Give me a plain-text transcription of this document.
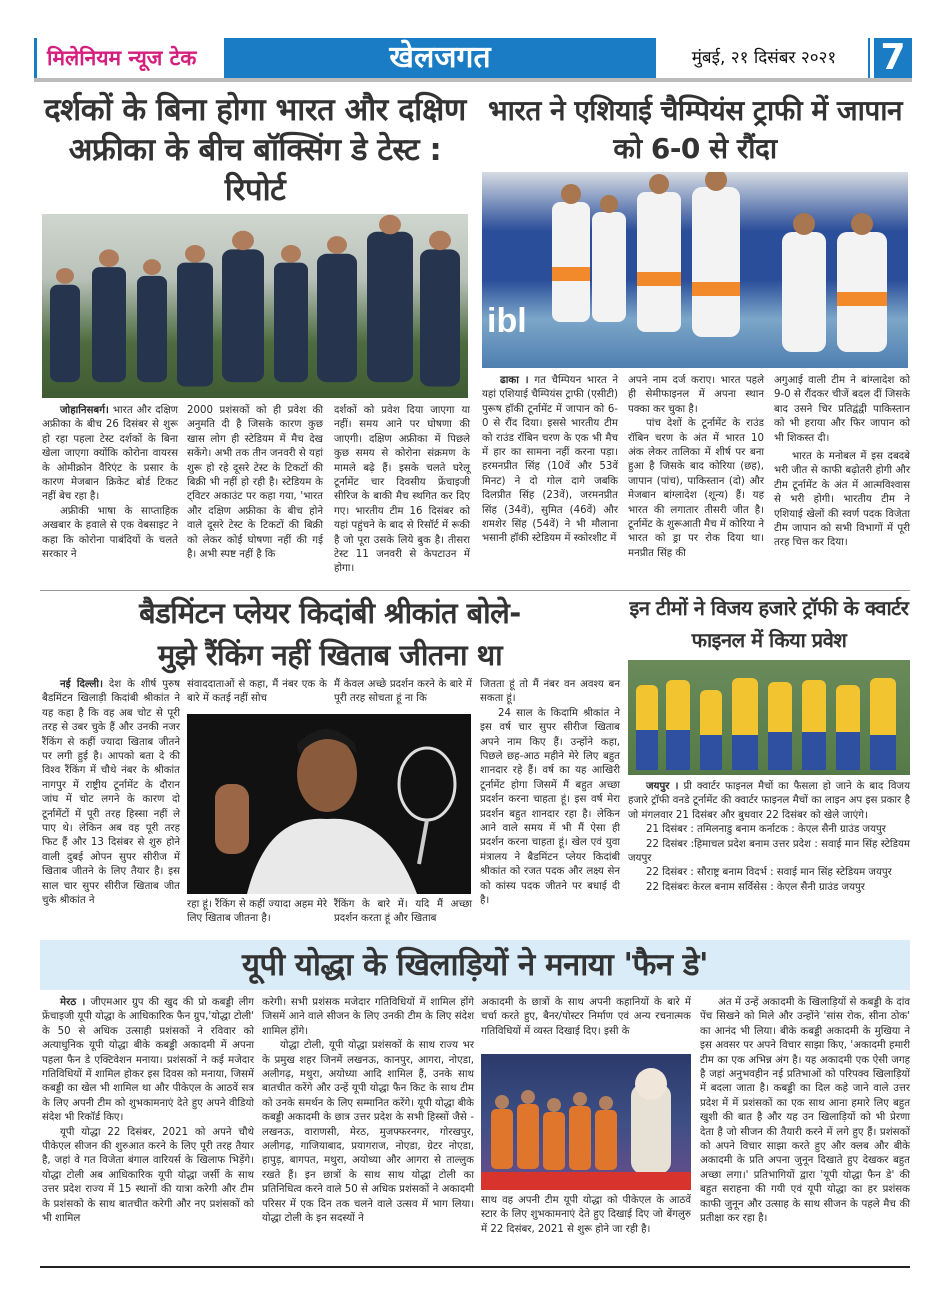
मिलेनियम न्यूज टेक	खेलजगत	मुंबई, २१ दिसंबर २०२१	7
दर्शकों के बिना होगा भारत और दक्षिण अफ्रीका के बीच बॉक्सिंग डे टेस्ट : रिपोर्ट

जोहानिसबर्ग। भारत और दक्षिण अफ्रीका के बीच 26 दिसंबर से शुरू हो रहा पहला टेस्ट दर्शकों के बिना खेला जाएगा क्योंकि कोरोना वायरस के ओमीक्रोन वैरिएंट के प्रसार के कारण मेजबान क्रिकेट बोर्ड टिकट नहीं बेच रहा है।

अफ्रीकी भाषा के साप्ताहिक अखबार के हवाले से एक वेबसाइट ने कहा कि कोरोना पाबंदियों के चलते सरकार ने

2000 प्रशंसकों को ही प्रवेश की अनुमति दी है जिसके कारण कुछ खास लोग ही स्टेडियम में मैच देख सकेंगे। अभी तक तीन जनवरी से यहां शुरू हो रहे दूसरे टेस्ट के टिकटों की बिक्री भी नहीं हो रही है। स्टेडियम के ट्विटर अकाउंट पर कहा गया, 'भारत और दक्षिण अफ्रीका के बीच होने वाले दूसरे टेस्ट के टिकटों की बिक्री को लेकर कोई घोषणा नहीं की गई है। अभी स्पष्ट नहीं है कि
दर्शकों को प्रवेश दिया जाएगा या नहीं। समय आने पर घोषणा की जाएगी। दक्षिण अफ्रीका में पिछले कुछ समय से कोरोना संक्रमण के मामले बढ़े हैं। इसके चलते घरेलू टूर्नामेंट चार दिवसीय फ्रेंचाइजी सीरिज के बाकी मैच स्थगित कर दिए गए। भारतीय टीम 16 दिसंबर को यहां पहुंचने के बाद से रिसॉर्ट में रूकी है जो पूरा उसके लिये बुक है। तीसरा टेस्ट 11 जनवरी से केपटाउन में होगा।
भारत ने एशियाई चैम्पियंस ट्राफी में जापान को 6-0 से रौंदा
ibl

ढाका । गत चैम्पियन भारत ने यहां एशियाई चैम्पियंस ट्राफी (एसीटी) पुरूष हॉकी टूर्नामेंट में जापान को 6-0 से रौंद दिया। इससे भारतीय टीम को राउंड रॉबिन चरण के एक भी मैच में हार का सामना नहीं करना पड़ा। हरमनप्रीत सिंह (10वें और 53वें मिनट) ने दो गोल दागे जबकि दिलप्रीत सिंह (23वें), जरमनप्रीत सिंह (34वें), सुमित (46वें) और शमशेर सिंह (54वें) ने भी मौलाना भसानी हॉकी स्टेडियम में स्कोरशीट में

अपने नाम दर्ज कराए। भारत पहले ही सेमीफाइनल में अपना स्थान पक्का कर चुका है।

पांच देशों के टूर्नामेंट के राउंड रॉबिन चरण के अंत में भारत 10 अंक लेकर तालिका में शीर्ष पर बना हुआ है जिसके बाद कोरिया (छह), जापान (पांच), पाकिस्तान (दो) और मेजबान बांग्लादेश (शून्य) हैं। यह भारत की लगातार तीसरी जीत है। टूर्नामेंट के शुरूआती मैच में कोरिया ने भारत को ड्रा पर रोक दिया था। मनप्रीत सिंह की

अगुआई वाली टीम ने बांग्लादेश को 9-0 से रौंदकर चीजें बदल दीं जिसके बाद उसने चिर प्रतिद्वंद्वी पाकिस्तान को भी हराया और फिर जापान को भी शिकस्त दी।

भारत के मनोबल में इस दबदबे भरी जीत से काफी बढ़ोतरी होगी और टीम टूर्नामेंट के अंत में आत्मविश्वास से भरी होगी। भारतीय टीम ने एशियाई खेलों की स्वर्ण पदक विजेता टीम जापान को सभी विभागों में पूरी तरह चित्त कर दिया।

बैडमिंटन प्लेयर किदांबी श्रीकांत बोले-
मुझे रैंकिंग नहीं खिताब जीतना था

नई दिल्ली। देश के शीर्ष पुरुष बैडमिंटन खिलाड़ी किदांबी श्रीकांत ने यह कहा है कि वह अब चोट से पूरी तरह से उबर चुके हैं और उनकी नजर रैंकिंग से कहीं ज्यादा खिताब जीतने पर लगी हुई है। आपको बता दे की विश्व रैंकिंग में चौथे नंबर के श्रीकांत नागपुर में राष्ट्रीय टूर्नामेंट के दौरान जांघ में चोट लगने के कारण दो टूर्नामेंटों में पूरी तरह हिस्सा नहीं ले पाए थे। लेकिन अब वह पूरी तरह फिट हैं और 13 दिसंबर से शुरु होने वाली दुबई ओपन सुपर सीरीज में खिताब जीतने के लिए तैयार है। इस साल चार सुपर सीरीज खिताब जीत चुके श्रीकांत ने

संवाददाताओं से कहा, मैं नंबर एक के बारे में कतई नहीं सोच
मैं केवल अच्छे प्रदर्शन करने के बारे में पूरी तरह सोचता हूं ना कि
रहा हूं। रैंकिंग से कहीं ज्यादा अहम मेरे लिए खिताब जीतना है।
रैंकिंग के बारे में। यदि मैं अच्छा प्रदर्शन करता हूं और खिताब
जितता हूं तो मैं नंबर वन अवश्य बन सकता हूं।

24 साल के किदामि श्रीकांत ने इस वर्ष चार सुपर सीरीज खिताब अपने नाम किए हैं। उन्होंने कहा, पिछले छह-आठ महीने मेरे लिए बहुत शानदार रहे हैं। वर्ष का यह आखिरी टूर्नामेंट होगा जिसमें मैं बहुत अच्छा प्रदर्शन करना चाहता हूं। इस वर्ष मेरा प्रदर्शन बहुत शानदार रहा है। लेकिन आने वाले समय में भी मैं ऐसा ही प्रदर्शन करना चाहता हूं। खेल एवं युवा मंत्रालय ने बैडमिंटन प्लेयर किदांबी श्रीकांत को रजत पदक और लक्ष्य सेन को कांस्य पदक जीतने पर बधाई दी है।

इन टीमों ने विजय हजारे ट्रॉफी के क्वार्टर फाइनल में किया प्रवेश

जयपुर । प्री क्वार्टर फाइनल मैचों का फैसला हो जाने के बाद विजय हजारे ट्रॉफी वनडे टूर्नामेंट की क्वार्टर फाइनल मैचों का लाइन अप इस प्रकार है जो मंगलवार 21 दिसंबर और बुधवार 22 दिसंबर को खेले जाएंगे।

21 दिसंबर : तमिलनाडु बनाम कर्नाटक : केएल सैनी ग्राउंड जयपुर

22 दिसंबर :हिमाचल प्रदेश बनाम उत्तर प्रदेश : सवाई मान सिंह स्टेडियम जयपुर

22 दिसंबर : सौराष्ट्र बनाम विदर्भ : सवाई मान सिंह स्टेडियम जयपुर

22 दिसंबरः केरल बनाम सर्विसेस : केएल सैनी ग्राउंड जयपुर

यूपी योद्धा के खिलाड़ियों ने मनाया 'फैन डे'

मेरठ । जीएमआर ग्रुप की खुद की प्रो कबड्डी लीग फ्रेंचाइजी यूपी योद्धा के आधिकारिक फैन ग्रुप,'योद्धा टोली' के 50 से अधिक उत्साही प्रशंसकों ने रविवार को अत्याधुनिक यूपी योद्धा बीके कबड्डी अकादमी में अपना पहला फैन डे एक्टिवेशन मनाया। प्रशंसकों ने कई मजेदार गतिविधियों में शामिल होकर इस दिवस को मनाया, जिसमें कबड्डी का खेल भी शामिल था और पीकेएल के आठवें सत्र के लिए अपनी टीम को शुभकामनाएं देते हुए अपने वीडियो संदेश भी रिकॉर्ड किए।

यूपी योद्धा 22 दिसंबर, 2021 को अपने चौथे पीकेएल सीजन की शुरुआत करने के लिए पूरी तरह तैयार है, जहां वे गत विजेता बंगाल वारियर्स के खिलाफ भिड़ेंगे। योद्धा टोली अब आधिकारिक यूपी योद्धा जर्सी के साथ उत्तर प्रदेश राज्य में 15 स्थानों की यात्रा करेगी और टीम के प्रशंसको के साथ बातचीत करेगी और नए प्रशंसकों को भी शामिल

करेगी। सभी प्रशंसक मजेदार गतिविधियों में शामिल होंगे जिसमें आने वाले सीजन के लिए उनकी टीम के लिए संदेश शामिल होंगे।

योद्धा टोली, यूपी योद्धा प्रशंसकों के साथ राज्य भर के प्रमुख शहर जिनमें लखनऊ, कानपुर, आगरा, नोएडा, अलीगढ़, मथुरा, अयोध्या आदि शामिल हैं, उनके साथ बातचीत करेंगे और उन्हें यूपी योद्धा फैन किट के साथ टीम को उनके समर्थन के लिए सम्मानित करेंगे। यूपी योद्धा बीके कबड्डी अकादमी के छात्र उत्तर प्रदेश के सभी हिस्सों जैसे - लखनऊ, वाराणसी, मेरठ, मुजफ्फरनगर, गोरखपुर, अलीगढ़, गाजियाबाद, प्रयागराज, नोएडा, ग्रेटर नोएडा, हापुड़, बागपत, मथुरा, अयोध्या और आगरा से ताल्लुक रखते हैं। इन छात्रों के साथ साथ योद्धा टोली का प्रतिनिधित्व करने वाले 50 से अधिक प्रशंसकों ने अकादमी परिसर में एक दिन तक चलने वाले उत्सव में भाग लिया। योद्धा टोली के इन सदस्यों ने

अकादमी के छात्रों के साथ अपनी कहानियों के बारे में चर्चा करते हुए, बैनर/पोस्टर निर्माण एवं अन्य रचनात्मक गतिविधियों में व्यस्त दिखाई दिए। इसी के
साथ वह अपनी टीम यूपी योद्धा को पीकेएल के आठवें स्टार के लिए शुभकामनाएं देते हुए दिखाई दिए जो बेंगलुरु में 22 दिसंबर, 2021 से शुरू होने जा रही है।

अंत में उन्हें अकादमी के खिलाड़ियों से कबड्डी के दांव पेंच सिखने को मिले और उन्होंने 'सांस रोक, सीना ठोक' का आनंद भी लिया। बीके कबड्डी अकादमी के मुखिया ने इस अवसर पर अपने विचार साझा किए, 'अकादमी हमारी टीम का एक अभिन्न अंग है। यह अकादमी एक ऐसी जगह है जहां अनुभवहीन नई प्रतिभाओं को परिपक्व खिलाड़ियों में बदला जाता है। कबड्डी का दिल कहे जाने वाले उत्तर प्रदेश में में प्रशंसकों का एक साथ आना हमारे लिए बहुत खुशी की बात है और यह उन खिलाड़ियों को भी प्रेरणा देता है जो सीजन की तैयारी करने में लगे हुए हैं। प्रशंसकों को अपने विचार साझा करते हुए और क्लब और बीके अकादमी के प्रति अपना जुनून दिखाते हुए देखकर बहुत अच्छा लगा।' प्रतिभागियों द्वारा 'यूपी योद्धा फैन डे' की बहुत सराहना की गयी एवं यूपी योद्धा का हर प्रशंसक काफी जुनून और उत्साह के साथ सीजन के पहले मैच की प्रतीक्षा कर रहा है।
